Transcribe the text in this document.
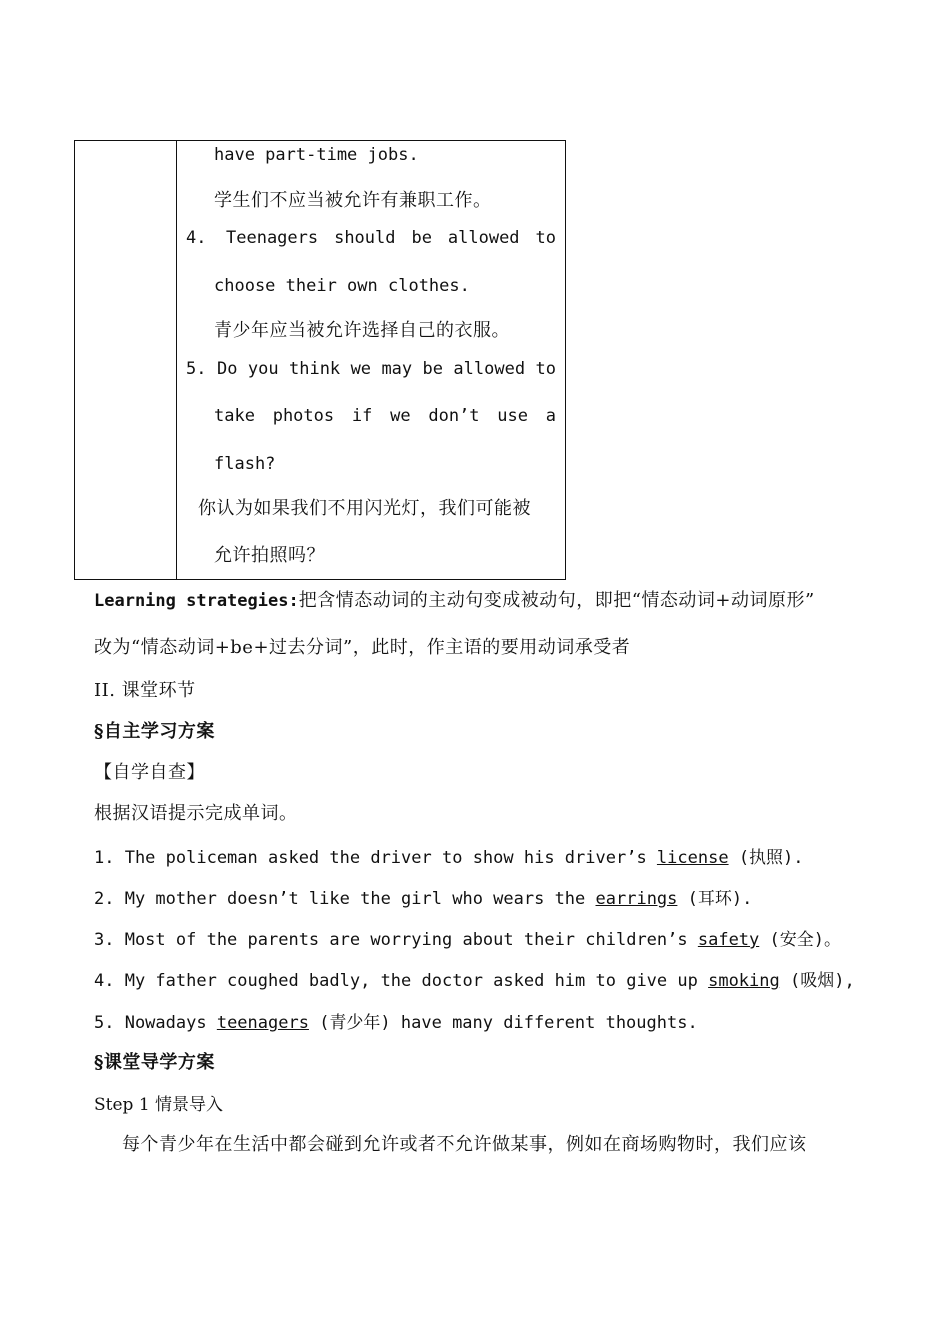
have part-time jobs.
学生们不应当被允许有兼职工作。
4. Teenagers should be allowed to
choose their own clothes.
青少年应当被允许选择自己的衣服。
5. Do you think we may be allowed to
take photos if we don’t use a
flash?
你认为如果我们不用闪光灯，我们可能被
允许拍照吗？
Learning strategies:把含情态动词的主动句变成被动句，即把“情态动词+动词原形”
改为“情态动词+be+过去分词”，此时，作主语的要用动词承受者
II. 课堂环节
§自主学习方案
【自学自查】
根据汉语提示完成单词。
1. The policeman asked the driver to show his driver’s license (执照).
2. My mother doesn’t like the girl who wears the earrings (耳环).
3. Most of the parents are worrying about their children’s safety (安全)。
4. My father coughed badly, the doctor asked him to give up smoking (吸烟),
5. Nowadays teenagers (青少年) have many different thoughts.
§课堂导学方案
Step 1 情景导入
每个青少年在生活中都会碰到允许或者不允许做某事，例如在商场购物时，我们应该
